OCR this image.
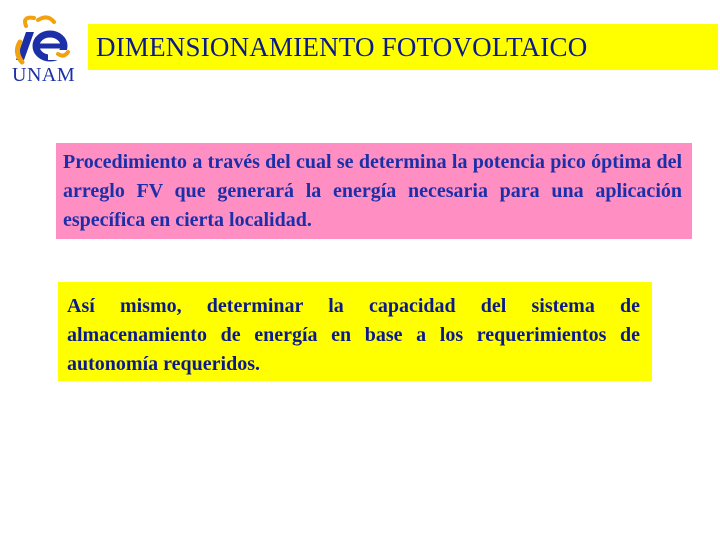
UNAM
DIMENSIONAMIENTO FOTOVOLTAICO
Procedimiento a través del cual se determina la potencia pico óptima del arreglo FV que generará la energía necesaria para una aplicación específica en cierta localidad.
Así mismo, determinar la capacidad del sistema de almacenamiento de energía en base a los requerimientos de autonomía requeridos.
